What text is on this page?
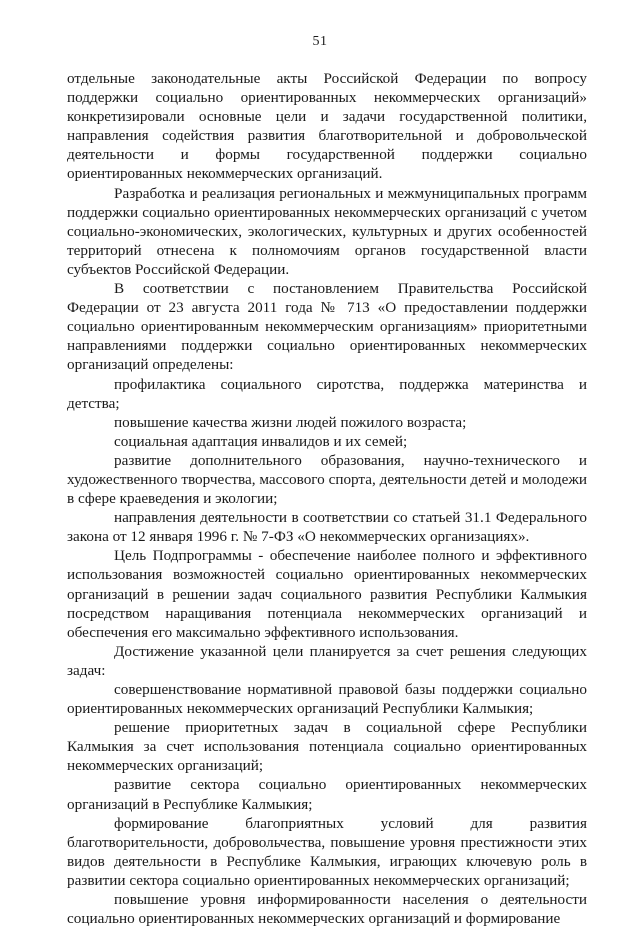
51

отдельные законодательные акты Российской Федерации по вопросу поддержки социально ориентированных некоммерческих организаций» конкретизировали основные цели и задачи государственной политики, направления содействия развития благотворительной и добровольческой деятельности и формы государственной поддержки социально ориентированных некоммерческих организаций.

Разработка и реализация региональных и межмуниципальных программ поддержки социально ориентированных некоммерческих организаций с учетом социально-экономических, экологических, культурных и других особенностей территорий отнесена к полномочиям органов государственной власти субъектов Российской Федерации.

В соответствии с постановлением Правительства Российской Федерации от 23 августа 2011 года № 713 «О предоставлении поддержки социально ориентированным некоммерческим организациям» приоритетными направлениями поддержки социально ориентированных некоммерческих организаций определены:

профилактика социального сиротства, поддержка материнства и детства;

повышение качества жизни людей пожилого возраста;

социальная адаптация инвалидов и их семей;

развитие дополнительного образования, научно-технического и художественного творчества, массового спорта, деятельности детей и молодежи в сфере краеведения и экологии;

направления деятельности в соответствии со статьей 31.1 Федерального закона от 12 января 1996 г. № 7-ФЗ «О некоммерческих организациях».

Цель Подпрограммы - обеспечение наиболее полного и эффективного использования возможностей социально ориентированных некоммерческих организаций в решении задач социального развития Республики Калмыкия посредством наращивания потенциала некоммерческих организаций и обеспечения его максимально эффективного использования.

Достижение указанной цели планируется за счет решения следующих задач:

совершенствование нормативной правовой базы поддержки социально ориентированных некоммерческих организаций Республики Калмыкия;

решение приоритетных задач в социальной сфере Республики Калмыкия за счет использования потенциала социально ориентированных некоммерческих организаций;

развитие сектора социально ориентированных некоммерческих организаций в Республике Калмыкия;

формирование благоприятных условий для развития благотворительности, добровольчества, повышение уровня престижности этих видов деятельности в Республике Калмыкия, играющих ключевую роль в развитии сектора социально ориентированных некоммерческих организаций;

повышение уровня информированности населения о деятельности социально ориентированных некоммерческих организаций и формирование
